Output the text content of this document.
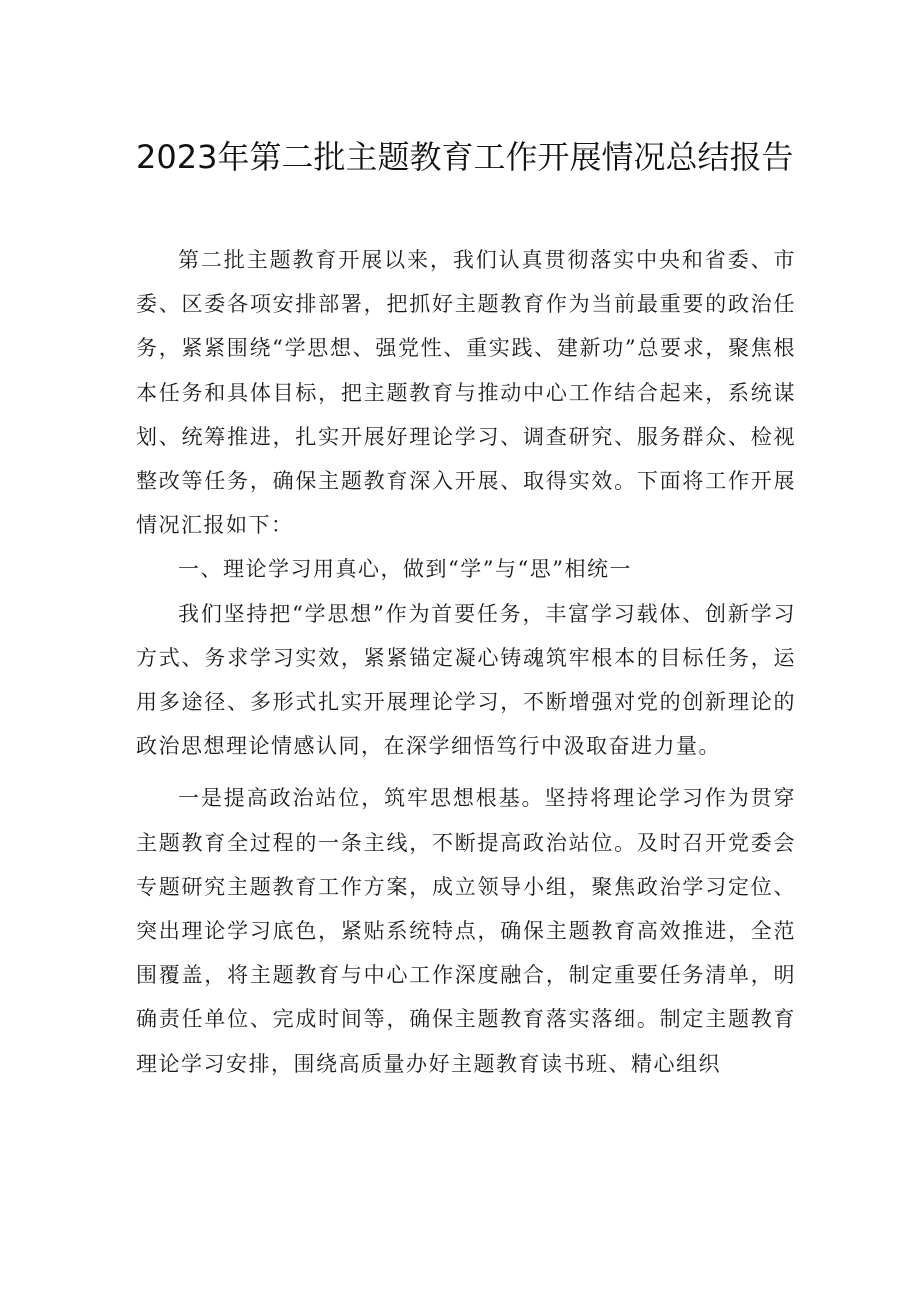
2023年第二批主题教育工作开展情况总结报告

第二批主题教育开展以来，我们认真贯彻落实中央和省委、市委、区委各项安排部署，把抓好主题教育作为当前最重要的政治任务，紧紧围绕“学思想、强党性、重实践、建新功”总要求，聚焦根本任务和具体目标，把主题教育与推动中心工作结合起来，系统谋划、统筹推进，扎实开展好理论学习、调查研究、服务群众、检视整改等任务，确保主题教育深入开展、取得实效。下面将工作开展情况汇报如下：

一、理论学习用真心，做到“学”与“思”相统一

我们坚持把“学思想”作为首要任务，丰富学习载体、创新学习方式、务求学习实效，紧紧锚定凝心铸魂筑牢根本的目标任务，运用多途径、多形式扎实开展理论学习，不断增强对党的创新理论的政治思想理论情感认同，在深学细悟笃行中汲取奋进力量。

一是提高政治站位，筑牢思想根基。坚持将理论学习作为贯穿主题教育全过程的一条主线，不断提高政治站位。及时召开党委会专题研究主题教育工作方案，成立领导小组，聚焦政治学习定位、突出理论学习底色，紧贴系统特点，确保主题教育高效推进，全范围覆盖，将主题教育与中心工作深度融合，制定重要任务清单，明确责任单位、完成时间等，确保主题教育落实落细。制定主题教育理论学习安排，围绕高质量办好主题教育读书班、精心组织
